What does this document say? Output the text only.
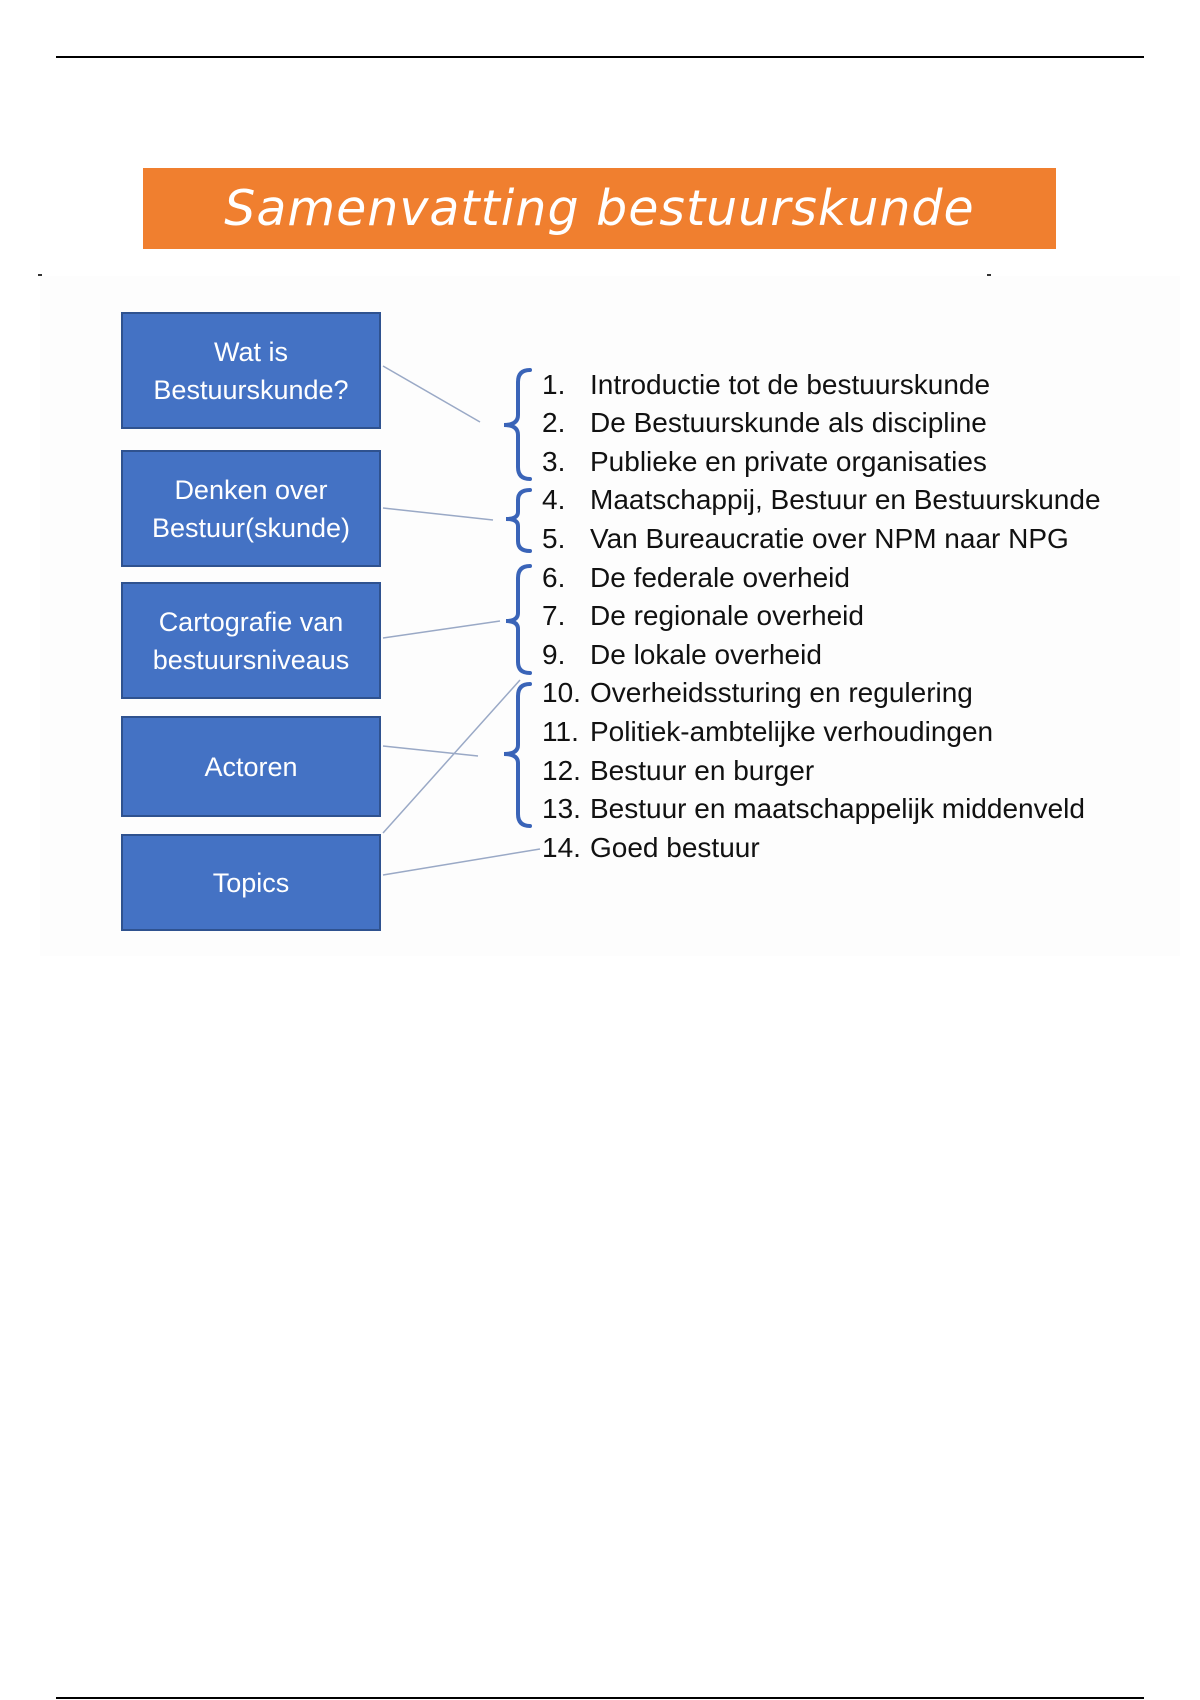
Samenvatting bestuurskunde
Wat is
Bestuurskunde?
Denken over
Bestuur(skunde)
Cartografie van
bestuursniveaus
Actoren
Topics
1. Introductie tot de bestuurskunde
2. De Bestuurskunde als discipline
3. Publieke en private organisaties
4. Maatschappij, Bestuur en Bestuurskunde
5. Van Bureaucratie over NPM naar NPG
6. De federale overheid
7. De regionale overheid
9. De lokale overheid
10. Overheidssturing en regulering
11. Politiek-ambtelijke verhoudingen
12. Bestuur en burger
13. Bestuur en maatschappelijk middenveld
14. Goed bestuur
